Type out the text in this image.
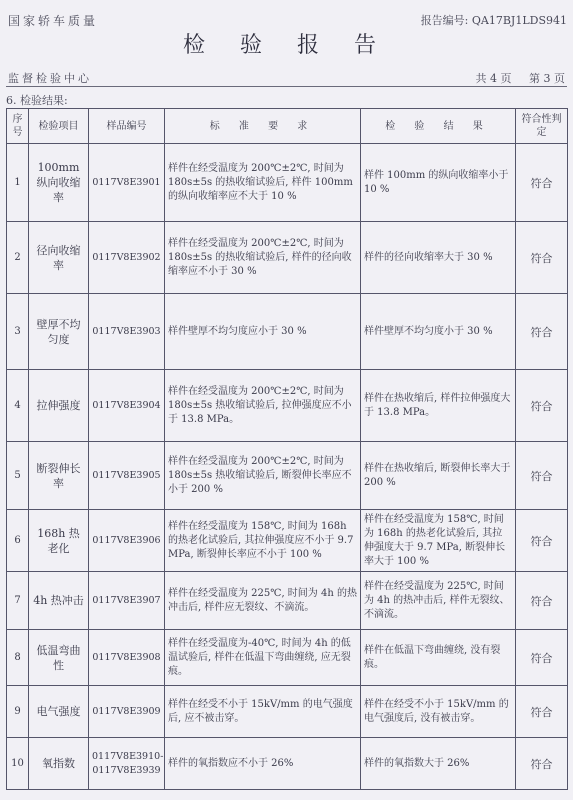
国家轿车质量	报告编号: QA17BJ1LDS941
检 验 报 告
监督检验中心	共 4 页 第 3 页
6. 检验结果:
序号	检验项目	样品编号	标 准 要 求	检 验 结 果	符合性判定
1	100mm 纵向收缩率	0117V8E3901	样件在经受温度为 200℃±2℃, 时间为 180s±5s 的热收缩试验后, 样件 100mm 的纵向收缩率应不大于 10 %	样件 100mm 的纵向收缩率小于 10 %	符合
2	径向收缩率	0117V8E3902	样件在经受温度为 200℃±2℃, 时间为 180s±5s 的热收缩试验后, 样件的径向收缩率应不小于 30 %	样件的径向收缩率大于 30 %	符合
3	壁厚不均匀度	0117V8E3903	样件壁厚不均匀度应小于 30 %	样件壁厚不均匀度小于 30 %	符合
4	拉伸强度	0117V8E3904	样件在经受温度为 200℃±2℃, 时间为 180s±5s 热收缩试验后, 拉伸强度应不小于 13.8 MPa。	样件在热收缩后, 样件拉伸强度大于 13.8 MPa。	符合
5	断裂伸长率	0117V8E3905	样件在经受温度为 200℃±2℃, 时间为 180s±5s 热收缩试验后, 断裂伸长率应不小于 200 %	样件在热收缩后, 断裂伸长率大于 200 %	符合
6	168h 热老化	0117V8E3906	样件在经受温度为 158℃, 时间为 168h 的热老化试验后, 其拉伸强度应不小于 9.7 MPa, 断裂伸长率应不小于 100 %	样件在经受温度为 158℃, 时间为 168h 的热老化试验后, 其拉伸强度大于 9.7 MPa, 断裂伸长率大于 100 %	符合
7	4h 热冲击	0117V8E3907	样件在经受温度为 225℃, 时间为 4h 的热冲击后, 样件应无裂纹、不滴流。	样件在经受温度为 225℃, 时间为 4h 的热冲击后, 样件无裂纹、不滴流。	符合
8	低温弯曲性	0117V8E3908	样件在经受温度为-40℃, 时间为 4h 的低温试验后, 样件在低温下弯曲缠绕, 应无裂痕。	样件在低温下弯曲缠绕, 没有裂痕。	符合
9	电气强度	0117V8E3909	样件在经受不小于 15kV/mm 的电气强度后, 应不被击穿。	样件在经受不小于 15kV/mm 的电气强度后, 没有被击穿。	符合
10	氧指数	0117V8E3910- 0117V8E3939	样件的氧指数应不小于 26%	样件的氧指数大于 26%	符合
